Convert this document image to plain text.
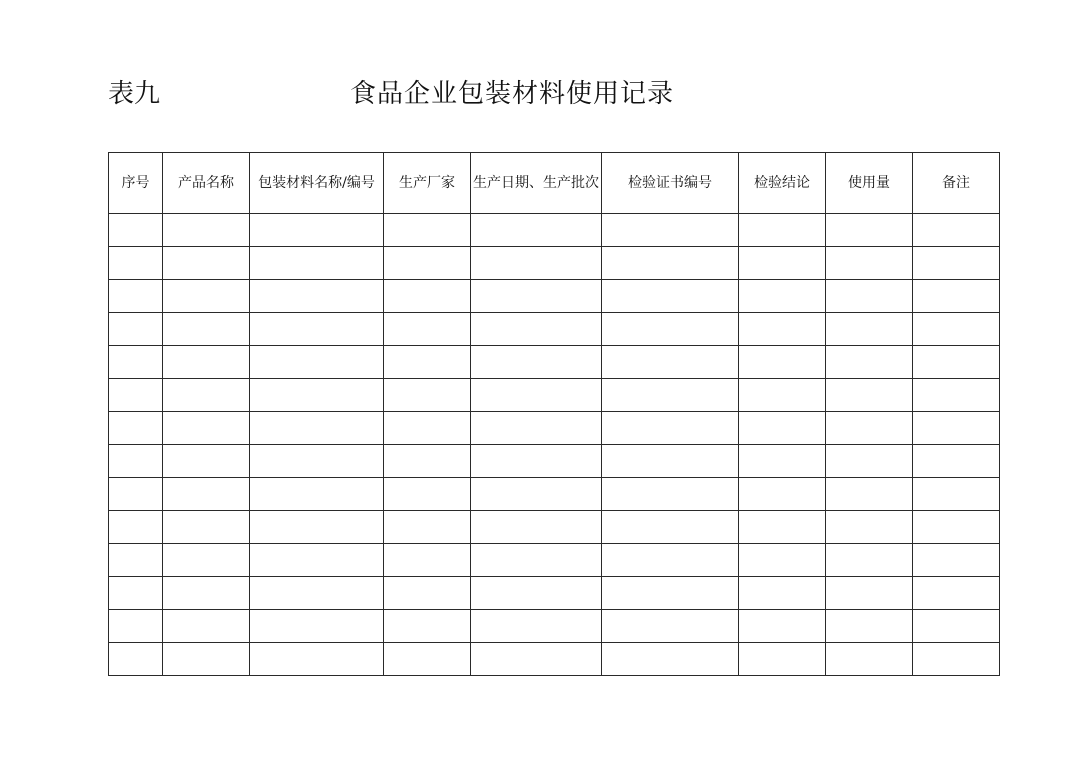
表九	食品企业包装材料使用记录
序号	产品名称	包装材料名称/编号	生产厂家	生产日期、生产批次	检验证书编号	检验结论	使用量	备注
